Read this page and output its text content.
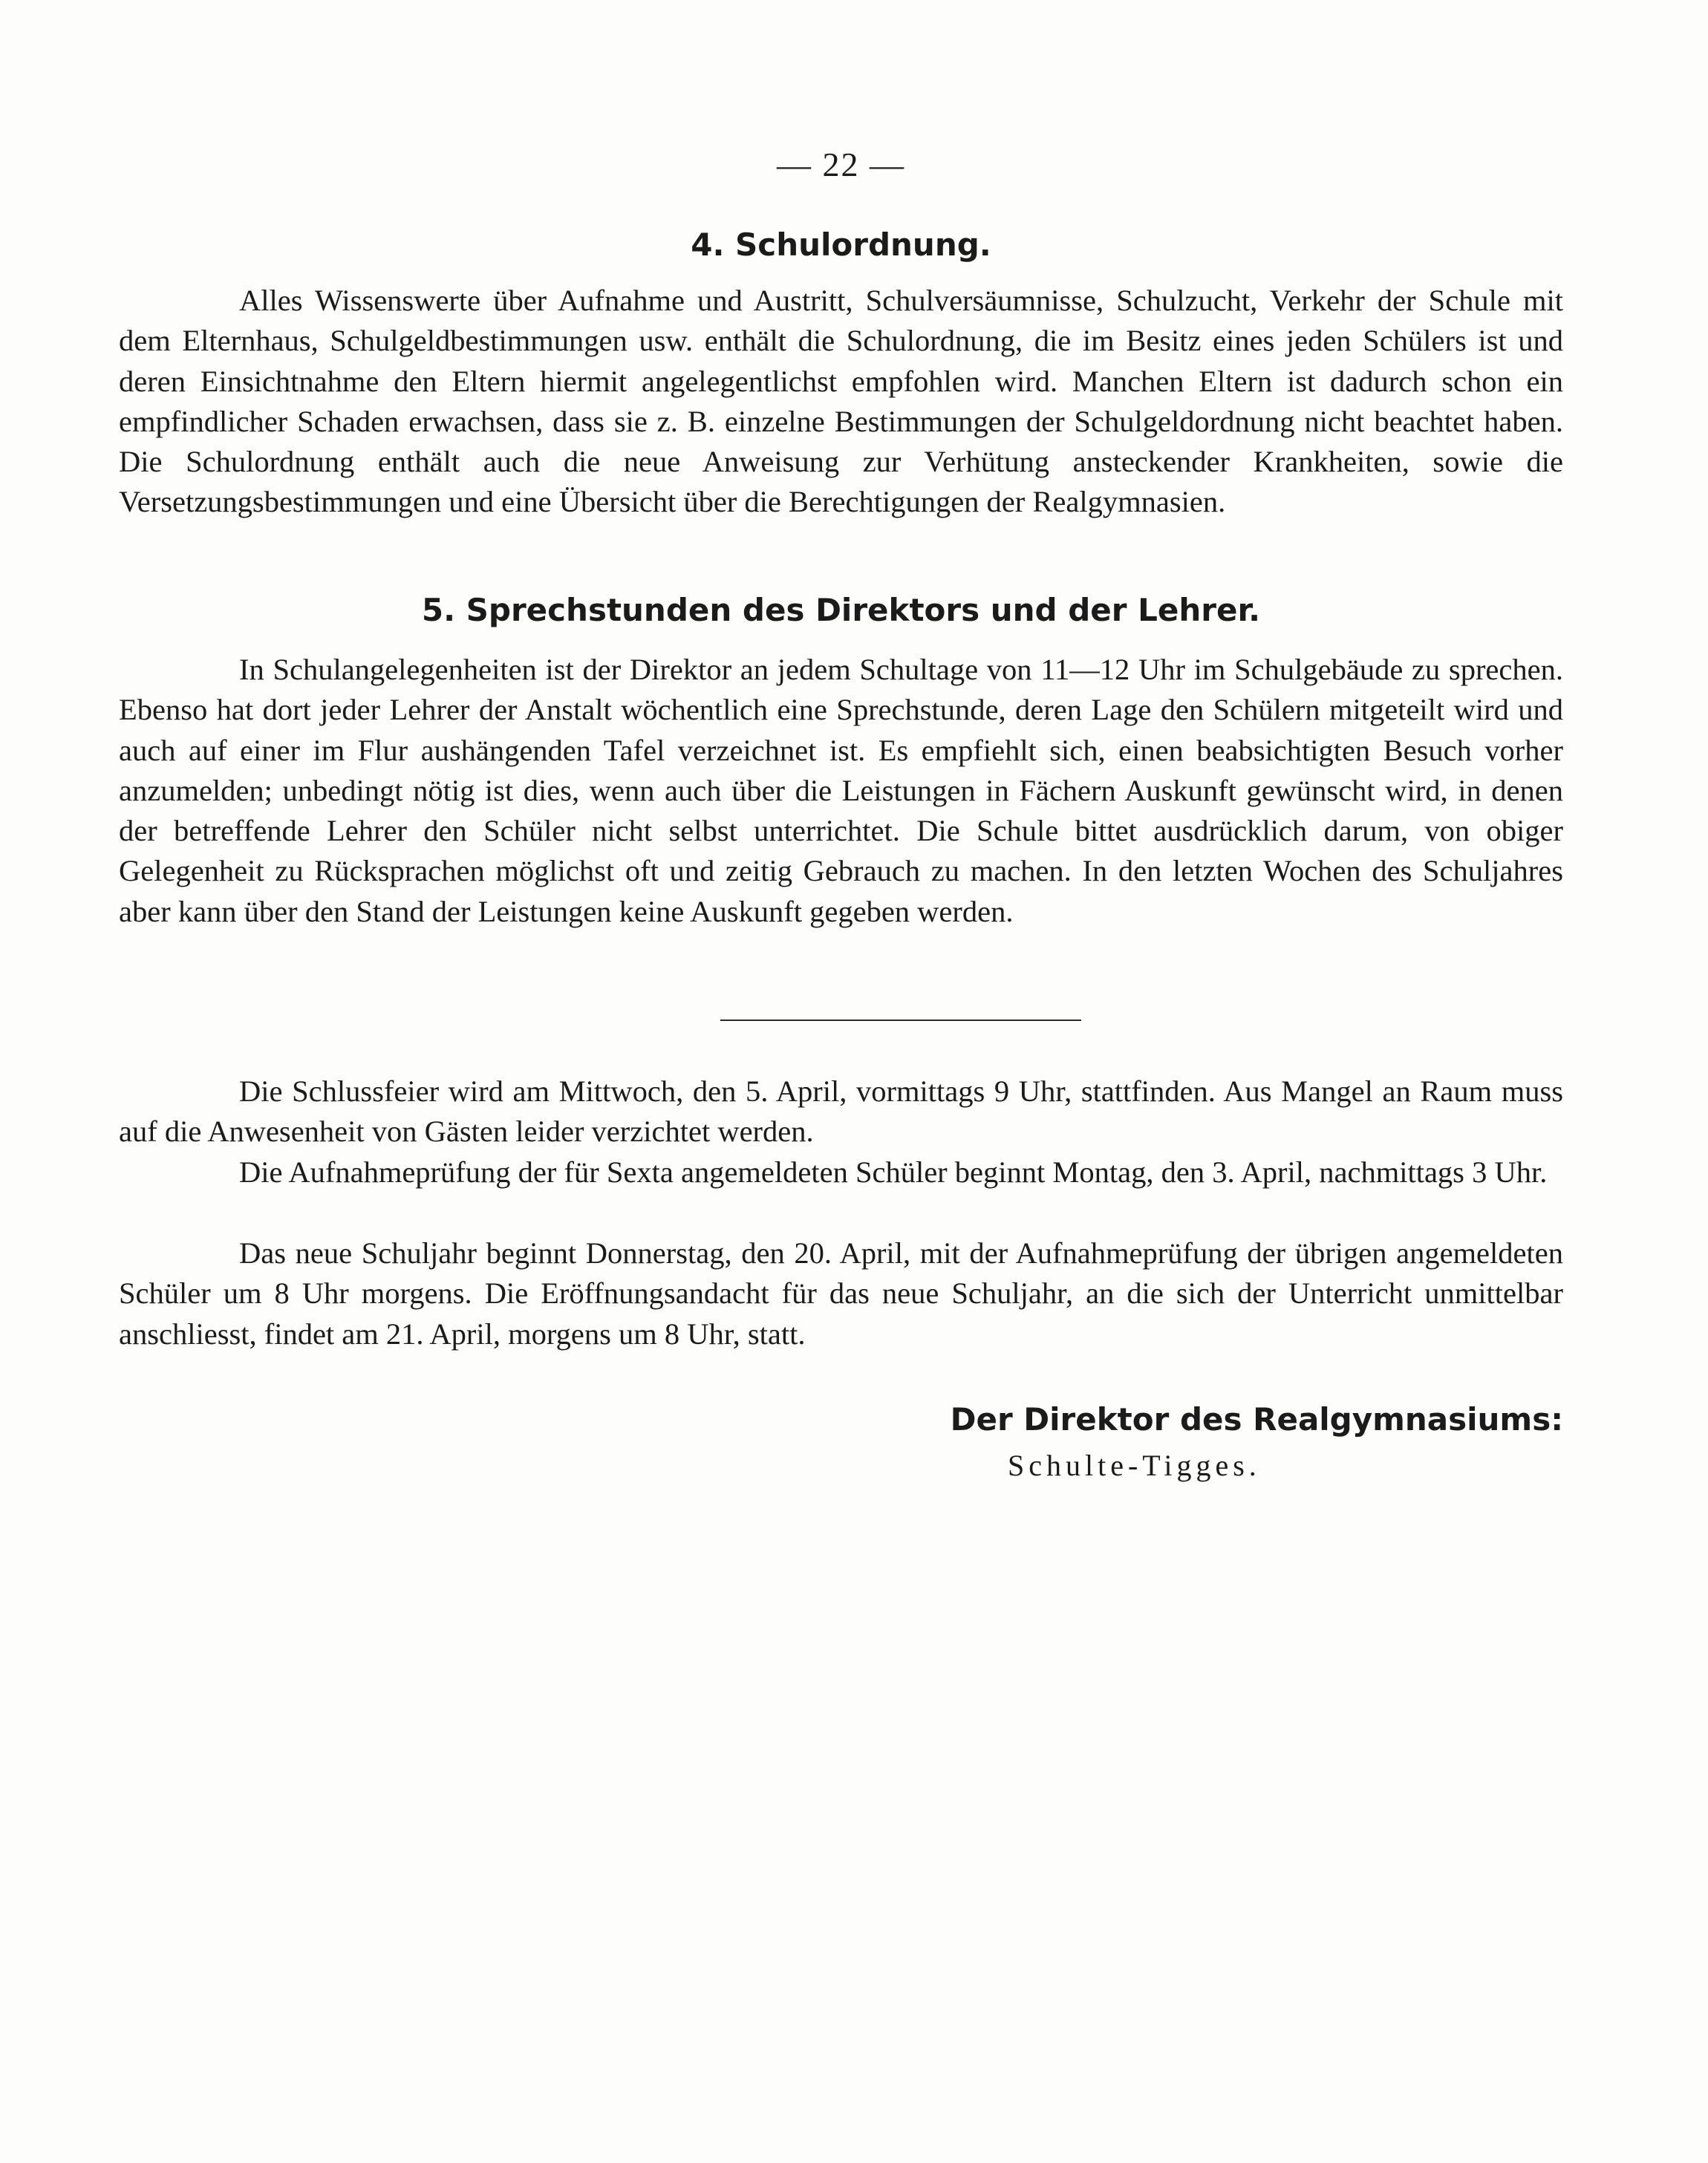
— 22 —
4. Schulordnung.

Alles Wissenswerte über Aufnahme und Austritt, Schulversäumnisse, Schulzucht, Verkehr der Schule mit dem Elternhaus, Schulgeldbestimmungen usw. enthält die Schulordnung, die im Besitz eines jeden Schülers ist und deren Einsichtnahme den Eltern hiermit angelegentlichst empfohlen wird. Manchen Eltern ist dadurch schon ein empfindlicher Schaden erwachsen, dass sie z. B. einzelne Bestimmungen der Schulgeldordnung nicht beachtet haben. Die Schulordnung enthält auch die neue Anweisung zur Verhütung ansteckender Krankheiten, sowie die Versetzungsbestimmungen und eine Übersicht über die Berechtigungen der Realgymnasien.

5. Sprechstunden des Direktors und der Lehrer.

In Schulangelegenheiten ist der Direktor an jedem Schultage von 11—12 Uhr im Schulgebäude zu sprechen. Ebenso hat dort jeder Lehrer der Anstalt wöchentlich eine Sprechstunde, deren Lage den Schülern mitgeteilt wird und auch auf einer im Flur aushängenden Tafel verzeichnet ist. Es empfiehlt sich, einen beabsichtigten Besuch vorher anzumelden; unbedingt nötig ist dies, wenn auch über die Leistungen in Fächern Auskunft gewünscht wird, in denen der betreffende Lehrer den Schüler nicht selbst unterrichtet. Die Schule bittet ausdrücklich darum, von obiger Gelegenheit zu Rücksprachen möglichst oft und zeitig Gebrauch zu machen. In den letzten Wochen des Schuljahres aber kann über den Stand der Leistungen keine Auskunft gegeben werden.

Die Schlussfeier wird am Mittwoch, den 5. April, vormittags 9 Uhr, stattfinden. Aus Mangel an Raum muss auf die Anwesenheit von Gästen leider verzichtet werden.

Die Aufnahmeprüfung der für Sexta angemeldeten Schüler beginnt Montag, den 3. April, nachmittags 3 Uhr.

Das neue Schuljahr beginnt Donnerstag, den 20. April, mit der Aufnahmeprüfung der übrigen angemeldeten Schüler um 8 Uhr morgens. Die Eröffnungsandacht für das neue Schuljahr, an die sich der Unterricht unmittelbar anschliesst, findet am 21. April, morgens um 8 Uhr, statt.

Der Direktor des Realgymnasiums:
Schulte-Tigges.
